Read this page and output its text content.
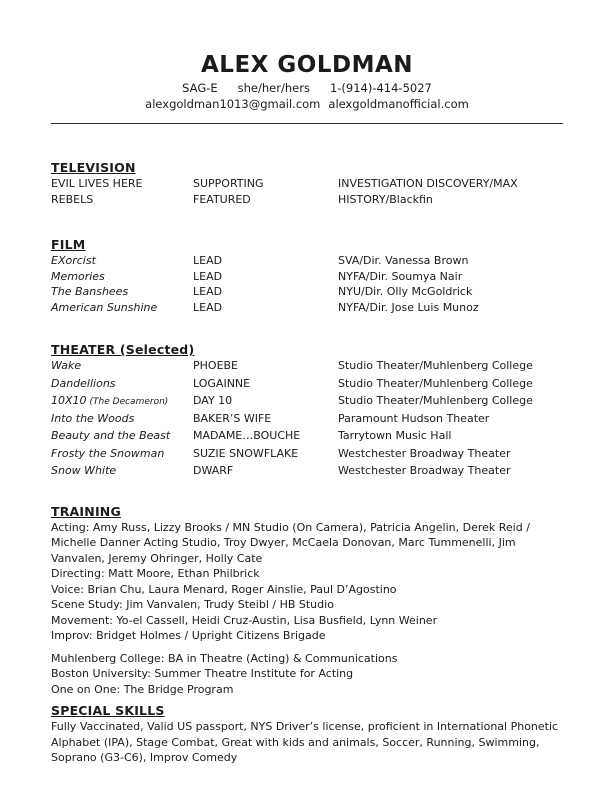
ALEX GOLDMAN
SAG-E she/her/hers 1-(914)-414-5027
alexgoldman1013@gmail.com alexgoldmanofficial.com
TELEVISION
EVIL LIVES HERE	SUPPORTING	INVESTIGATION DISCOVERY/MAX
REBELS	FEATURED	HISTORY/Blackfin
FILM
EXorcist	LEAD	SVA/Dir. Vanessa Brown
Memories	LEAD	NYFA/Dir. Soumya Nair
The Banshees	LEAD	NYU/Dir. Olly McGoldrick
American Sunshine	LEAD	NYFA/Dir. Jose Luis Munoz
THEATER (Selected)
Wake	PHOEBE	Studio Theater/Muhlenberg College
Dandellions	LOGAINNE	Studio Theater/Muhlenberg College
10X10 (The Decameron)	DAY 10	Studio Theater/Muhlenberg College
Into the Woods	BAKER’S WIFE	Paramount Hudson Theater
Beauty and the Beast	MADAME…BOUCHE	Tarrytown Music Hall
Frosty the Snowman	SUZIE SNOWFLAKE	Westchester Broadway Theater
Snow White	DWARF	Westchester Broadway Theater
TRAINING
Acting: Amy Russ, Lizzy Brooks / MN Studio (On Camera), Patricia Angelin, Derek Reid / Michelle Danner Acting Studio, Troy Dwyer, McCaela Donovan, Marc Tummenelli, Jim Vanvalen, Jeremy Ohringer, Holly Cate
Directing: Matt Moore, Ethan Philbrick
Voice: Brian Chu, Laura Menard, Roger Ainslie, Paul D’Agostino
Scene Study: Jim Vanvalen, Trudy Steibl / HB Studio
Movement: Yo-el Cassell, Heidi Cruz-Austin, Lisa Busfield, Lynn Weiner
Improv: Bridget Holmes / Upright Citizens Brigade
Muhlenberg College: BA in Theatre (Acting) & Communications
Boston University: Summer Theatre Institute for Acting
One on One: The Bridge Program
SPECIAL SKILLS

Fully Vaccinated, Valid US passport, NYS Driver’s license, proficient in International Phonetic Alphabet (IPA), Stage Combat, Great with kids and animals, Soccer, Running, Swimming, Soprano (G3-C6), Improv Comedy
